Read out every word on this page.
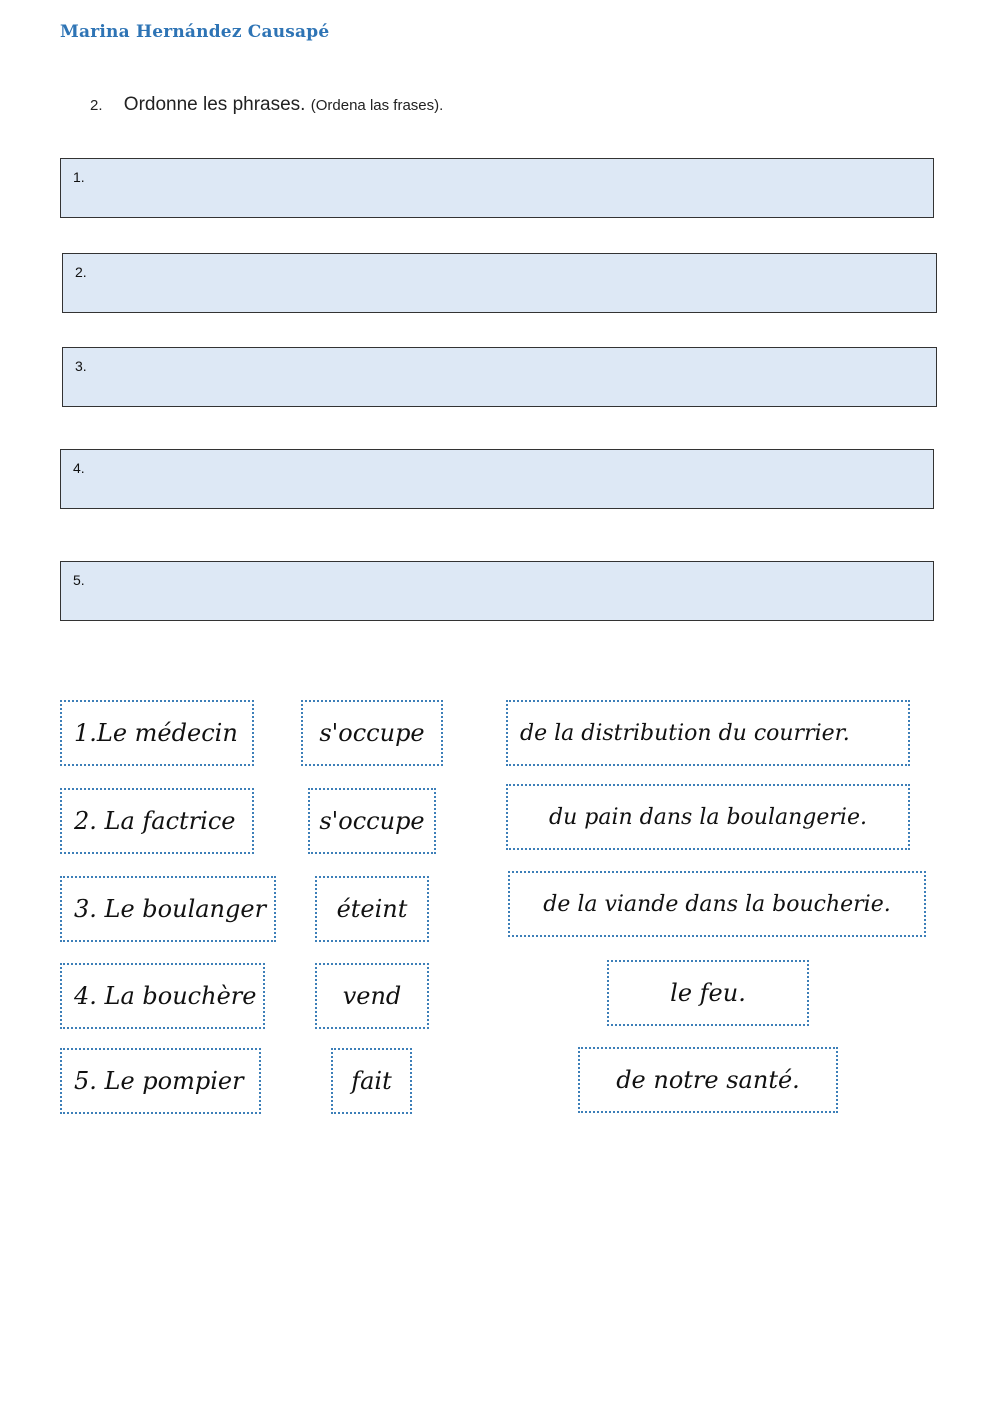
Marina Hernández Causapé
2. Ordonne les phrases. (Ordena las frases).
1.
2.
3.
4.
5.
1.Le médecin
2. La factrice
3. Le boulanger
4. La bouchère
5. Le pompier
s'occupe
s'occupe
éteint
vend
fait
de la distribution du courrier.
du pain dans la boulangerie.
de la viande dans la boucherie.
le feu.
de notre santé.
